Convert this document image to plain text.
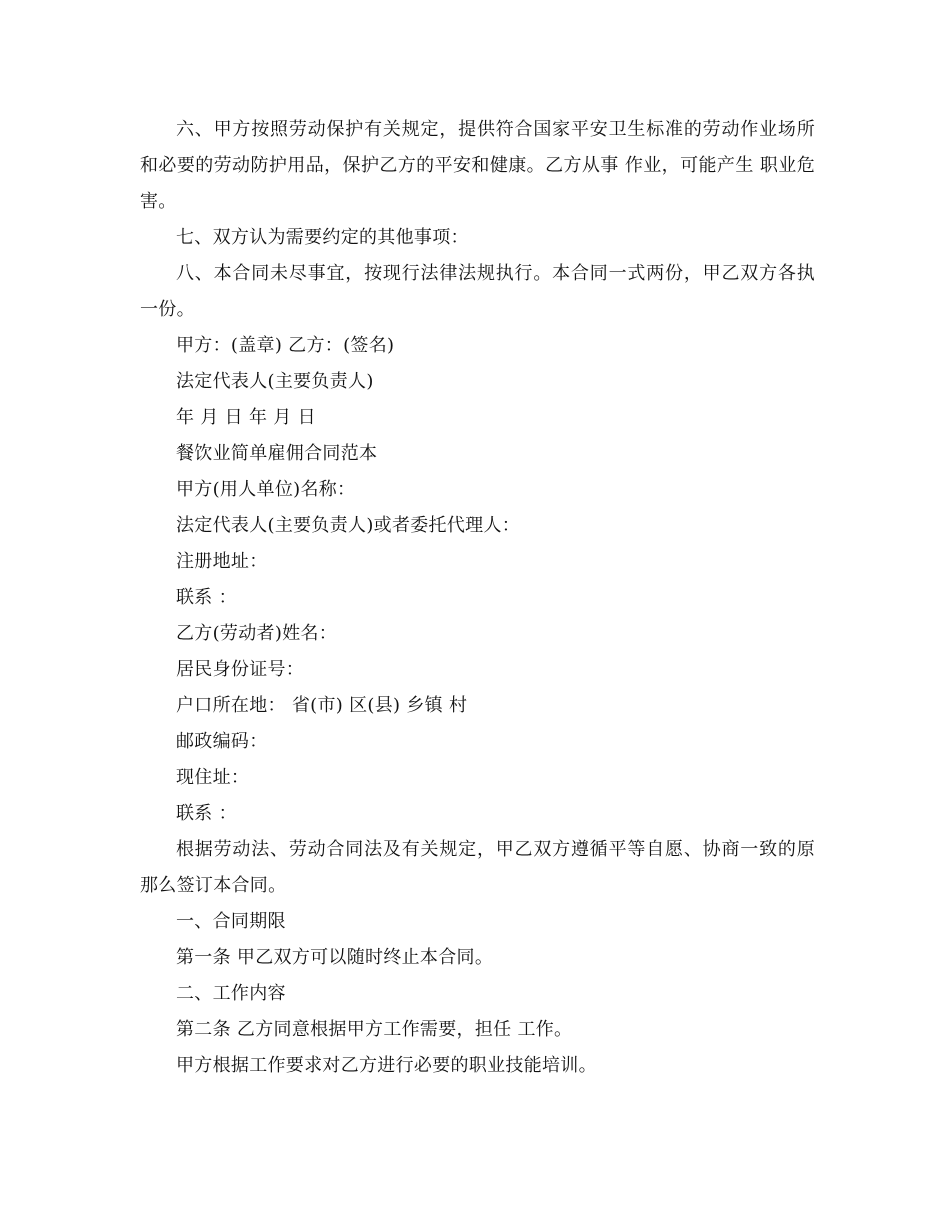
六、甲方按照劳动保护有关规定，提供符合国家平安卫生标准的劳动作业场所和必要的劳动防护用品，保护乙方的平安和健康。乙方从事 作业，可能产生 职业危害。

七、双方认为需要约定的其他事项：

八、本合同未尽事宜，按现行法律法规执行。本合同一式两份，甲乙双方各执一份。

甲方：(盖章) 乙方：(签名)

法定代表人(主要负责人)

年 月 日 年 月 日

餐饮业简单雇佣合同范本

甲方(用人单位)名称：

法定代表人(主要负责人)或者委托代理人：

注册地址：

联系 ：

乙方(劳动者)姓名：

居民身份证号：

户口所在地： 省(市) 区(县) 乡镇 村

邮政编码：

现住址：

联系 ：

根据劳动法、劳动合同法及有关规定，甲乙双方遵循平等自愿、协商一致的原那么签订本合同。

一、合同期限

第一条 甲乙双方可以随时终止本合同。

二、工作内容

第二条 乙方同意根据甲方工作需要，担任 工作。

甲方根据工作要求对乙方进行必要的职业技能培训。
